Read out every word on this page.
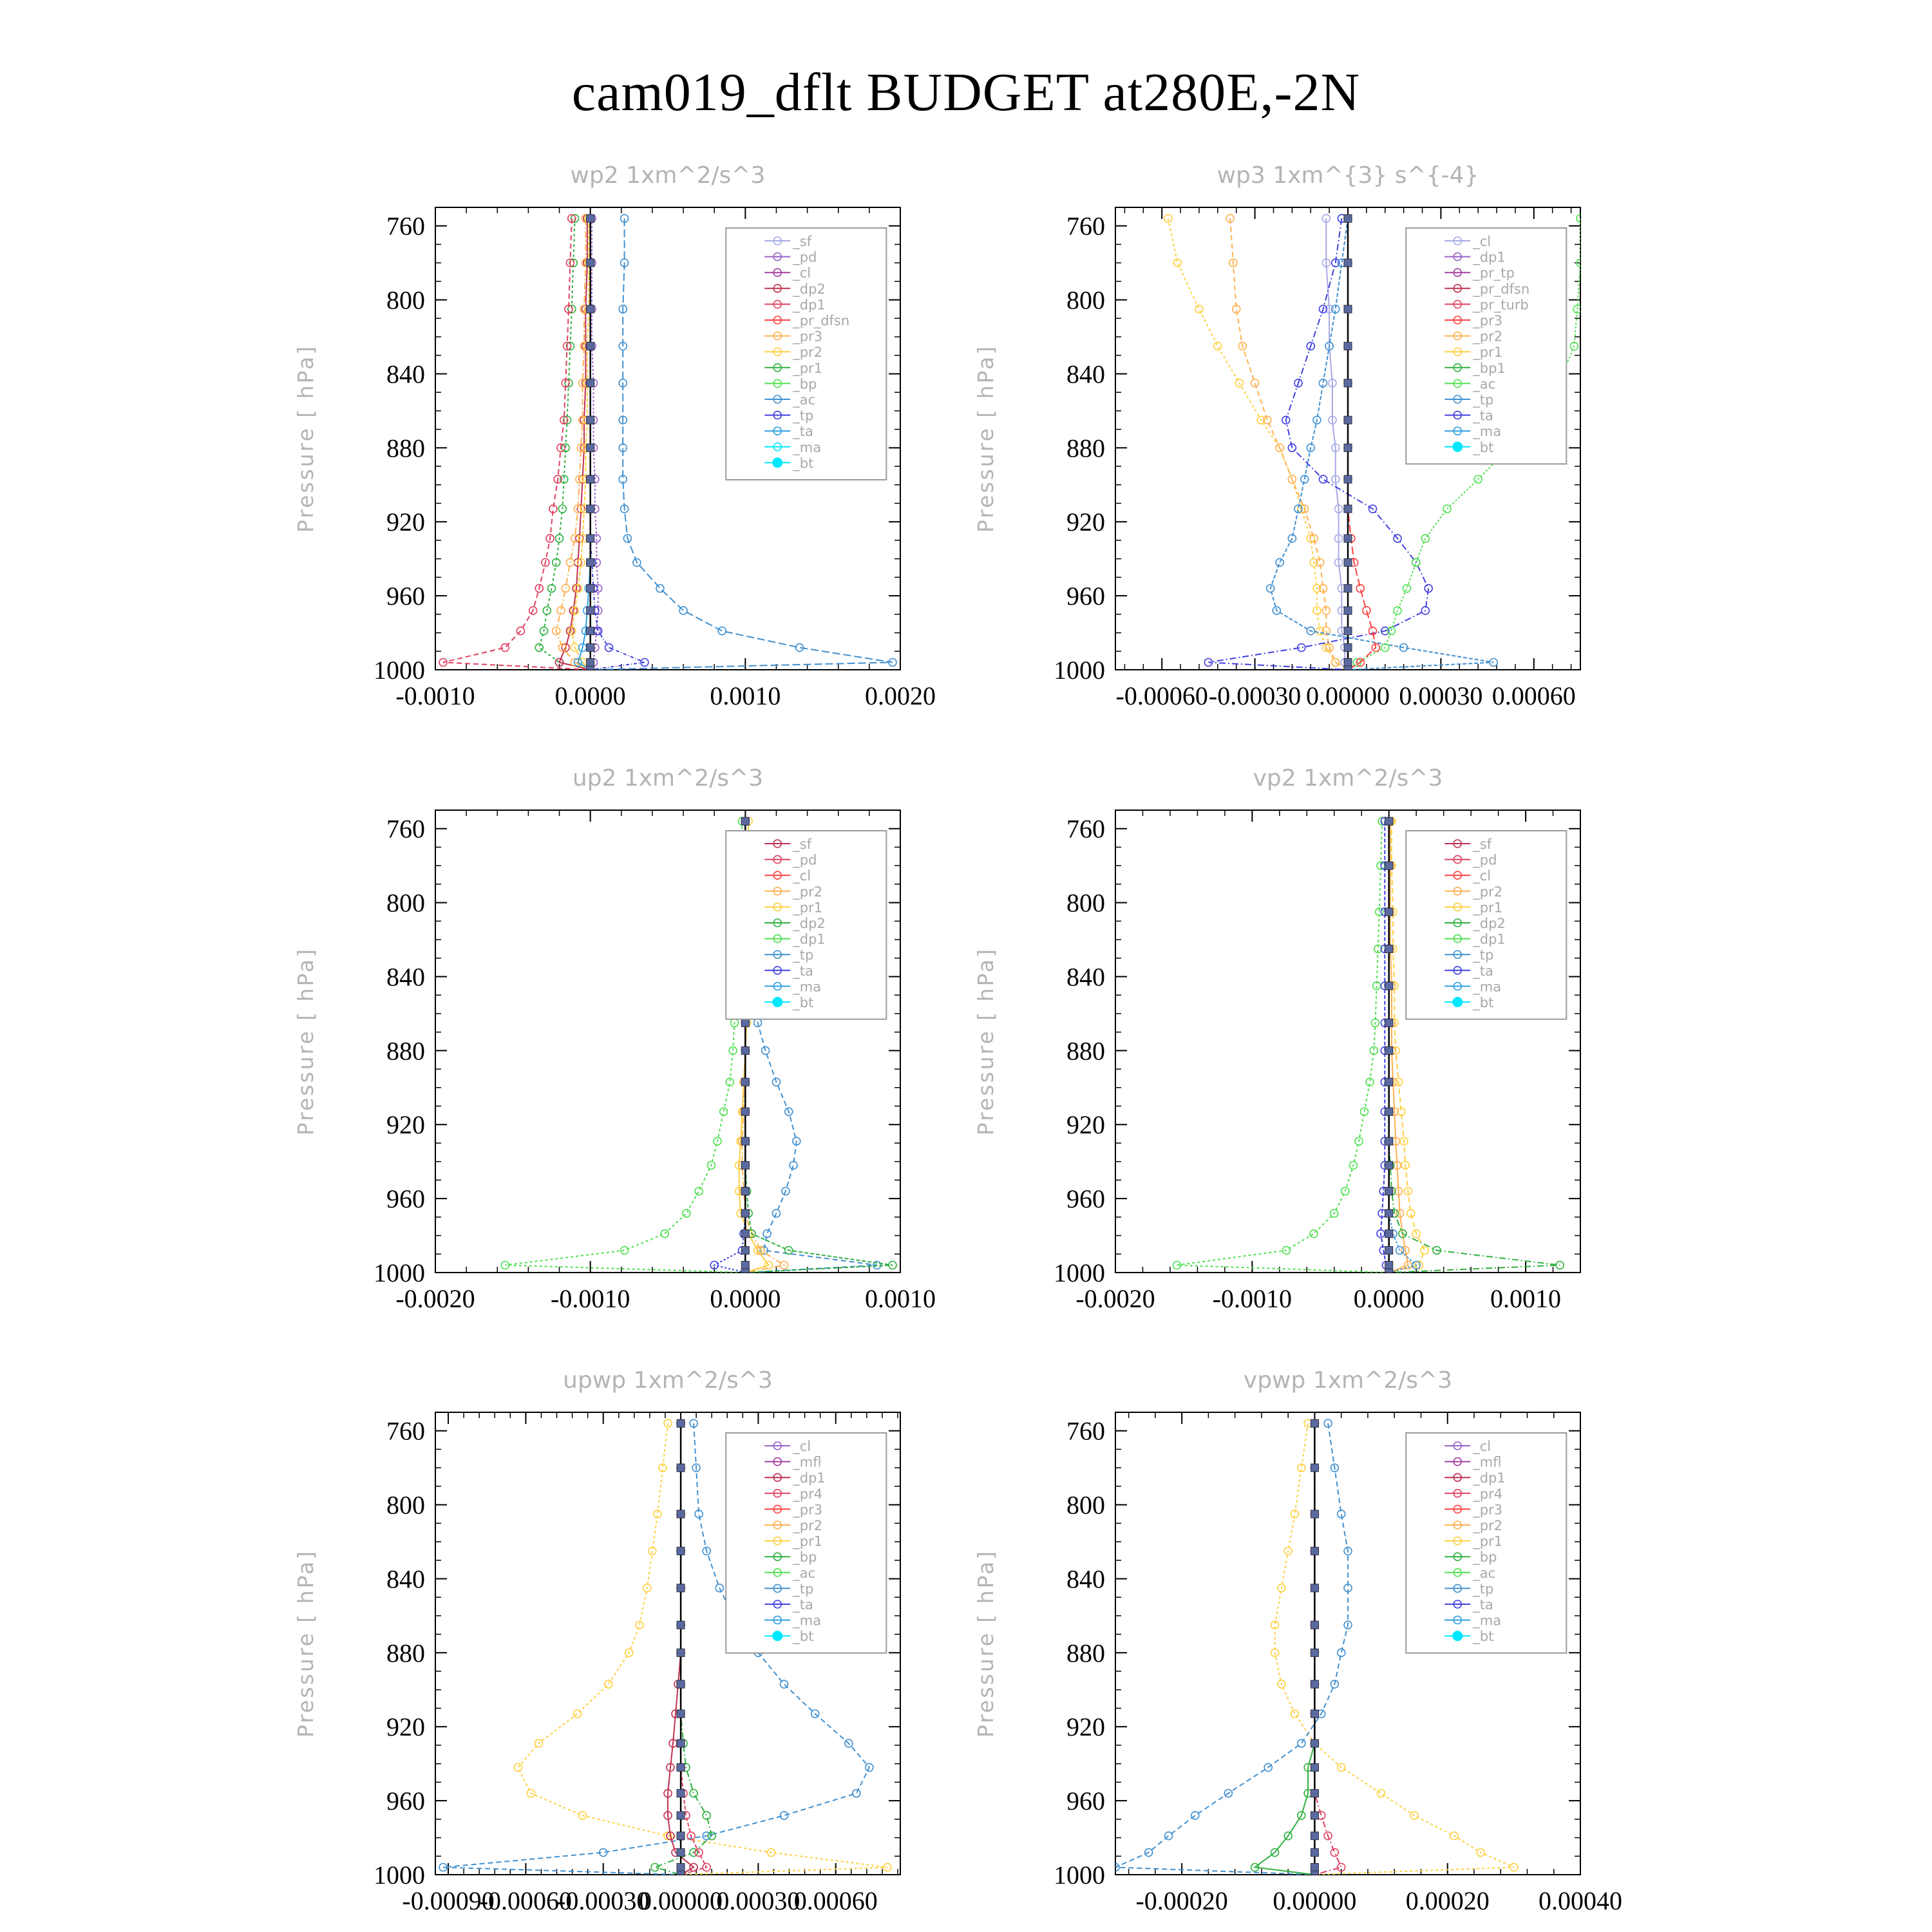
cam019_dflt BUDGET at280E,-2N
wp2 1xm^2/s^3
Pressure [ hPa]
760
800
840
880
920
960
1000
-0.0010	0.0000	0.0010	0.0020
_sf
_pd
_cl
_dp2
_dp1
_pr_dfsn
_pr3
_pr2
_pr1
_bp
_ac
_tp
_ta
_ma
_bt
wp3 1xm^{3} s^{-4}
Pressure [ hPa]
760
800
840
880
920
960
1000
-0.00060 -0.00030 0.00000 0.00030 0.00060
_cl
_dp1
_pr_tp
_pr_dfsn
_pr_turb
_pr3
_pr2
_pr1
_bp1
_ac
_tp
_ta
_ma
_bt
up2 1xm^2/s^3
Pressure [ hPa]
760
800
840
880
920
960
1000
-0.0020	-0.0010	0.0000	0.0010
_sf
_pd
_cl
_pr2
_pr1
_dp2
_dp1
_tp
_ta
_ma
_bt
vp2 1xm^2/s^3
Pressure [ hPa]
760
800
840
880
920
960
1000
-0.0020 -0.0010 0.0000	0.0010
_sf
_pd
_cl
_pr2
_pr1
_dp2
_dp1
_tp
_ta
_ma
_bt
upwp 1xm^2/s^3
Pressure [ hPa]
760
800
840
880
920
960
1000
-0.00090
-0.00060
-0.00030
0.00000
0.00030
0.00060
_cl
_mfl
_dp1
_pr4
_pr3
_pr2
_pr1
_bp
_ac
_tp
_ta
_ma
_bt
vpwp 1xm^2/s^3
Pressure [ hPa]
760
800
840
880
920
960
1000
-0.00020 0.00000 0.00020 0.00040
_cl
_mfl
_dp1
_pr4
_pr3
_pr2
_pr1
_bp
_ac
_tp
_ta
_ma
_bt
